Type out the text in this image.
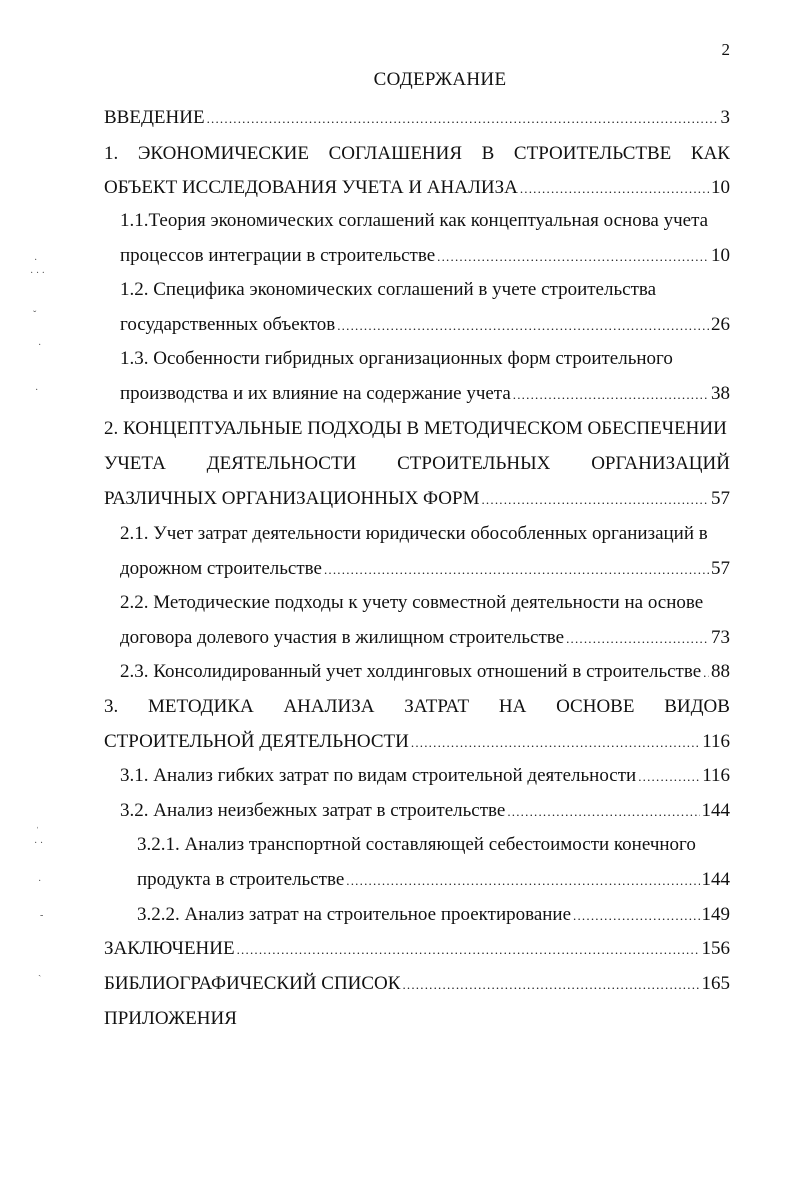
·
· · ·
ˇ
·
·
ˈ
· ·
·
-
ˏ
2
СОДЕРЖАНИЕ
ВВЕДЕНИЕ .....	3
1. ЭКОНОМИЧЕСКИЕ СОГЛАШЕНИЯ В СТРОИТЕЛЬСТВЕ КАК
ОБЪЕКТ ИССЛЕДОВАНИЯ УЧЕТА И АНАЛИЗА .....	10
1.1.Теория экономических соглашений как концептуальная основа учета
процессов интеграции в строительстве .....	10
1.2. Специфика экономических соглашений в учете строительства
государственных объектов .....	26
1.3. Особенности гибридных организационных форм строительного
производства и их влияние на содержание учета .....	38
2. КОНЦЕПТУАЛЬНЫЕ ПОДХОДЫ В МЕТОДИЧЕСКОМ ОБЕСПЕЧЕНИИ
УЧЕТА ДЕЯТЕЛЬНОСТИ СТРОИТЕЛЬНЫХ ОРГАНИЗАЦИЙ
РАЗЛИЧНЫХ ОРГАНИЗАЦИОННЫХ ФОРМ .....	57
2.1. Учет затрат деятельности юридически обособленных организаций в
дорожном строительстве .....	57
2.2. Методические подходы к учету совместной деятельности на основе
договора долевого участия в жилищном строительстве .....	73
2.3. Консолидированный учет холдинговых отношений в строительстве ..... 88
3. МЕТОДИКА АНАЛИЗА ЗАТРАТ НА ОСНОВЕ ВИДОВ
СТРОИТЕЛЬНОЙ ДЕЯТЕЛЬНОСТИ .....	116
3.1. Анализ гибких затрат по видам строительной деятельности .....	116
3.2. Анализ неизбежных затрат в строительстве .....	144
3.2.1. Анализ транспортной составляющей себестоимости конечного
продукта в строительстве .....	144
3.2.2. Анализ затрат на строительное проектирование .....	149
ЗАКЛЮЧЕНИЕ .....	156
БИБЛИОГРАФИЧЕСКИЙ СПИСОК .....	165
ПРИЛОЖЕНИЯ
